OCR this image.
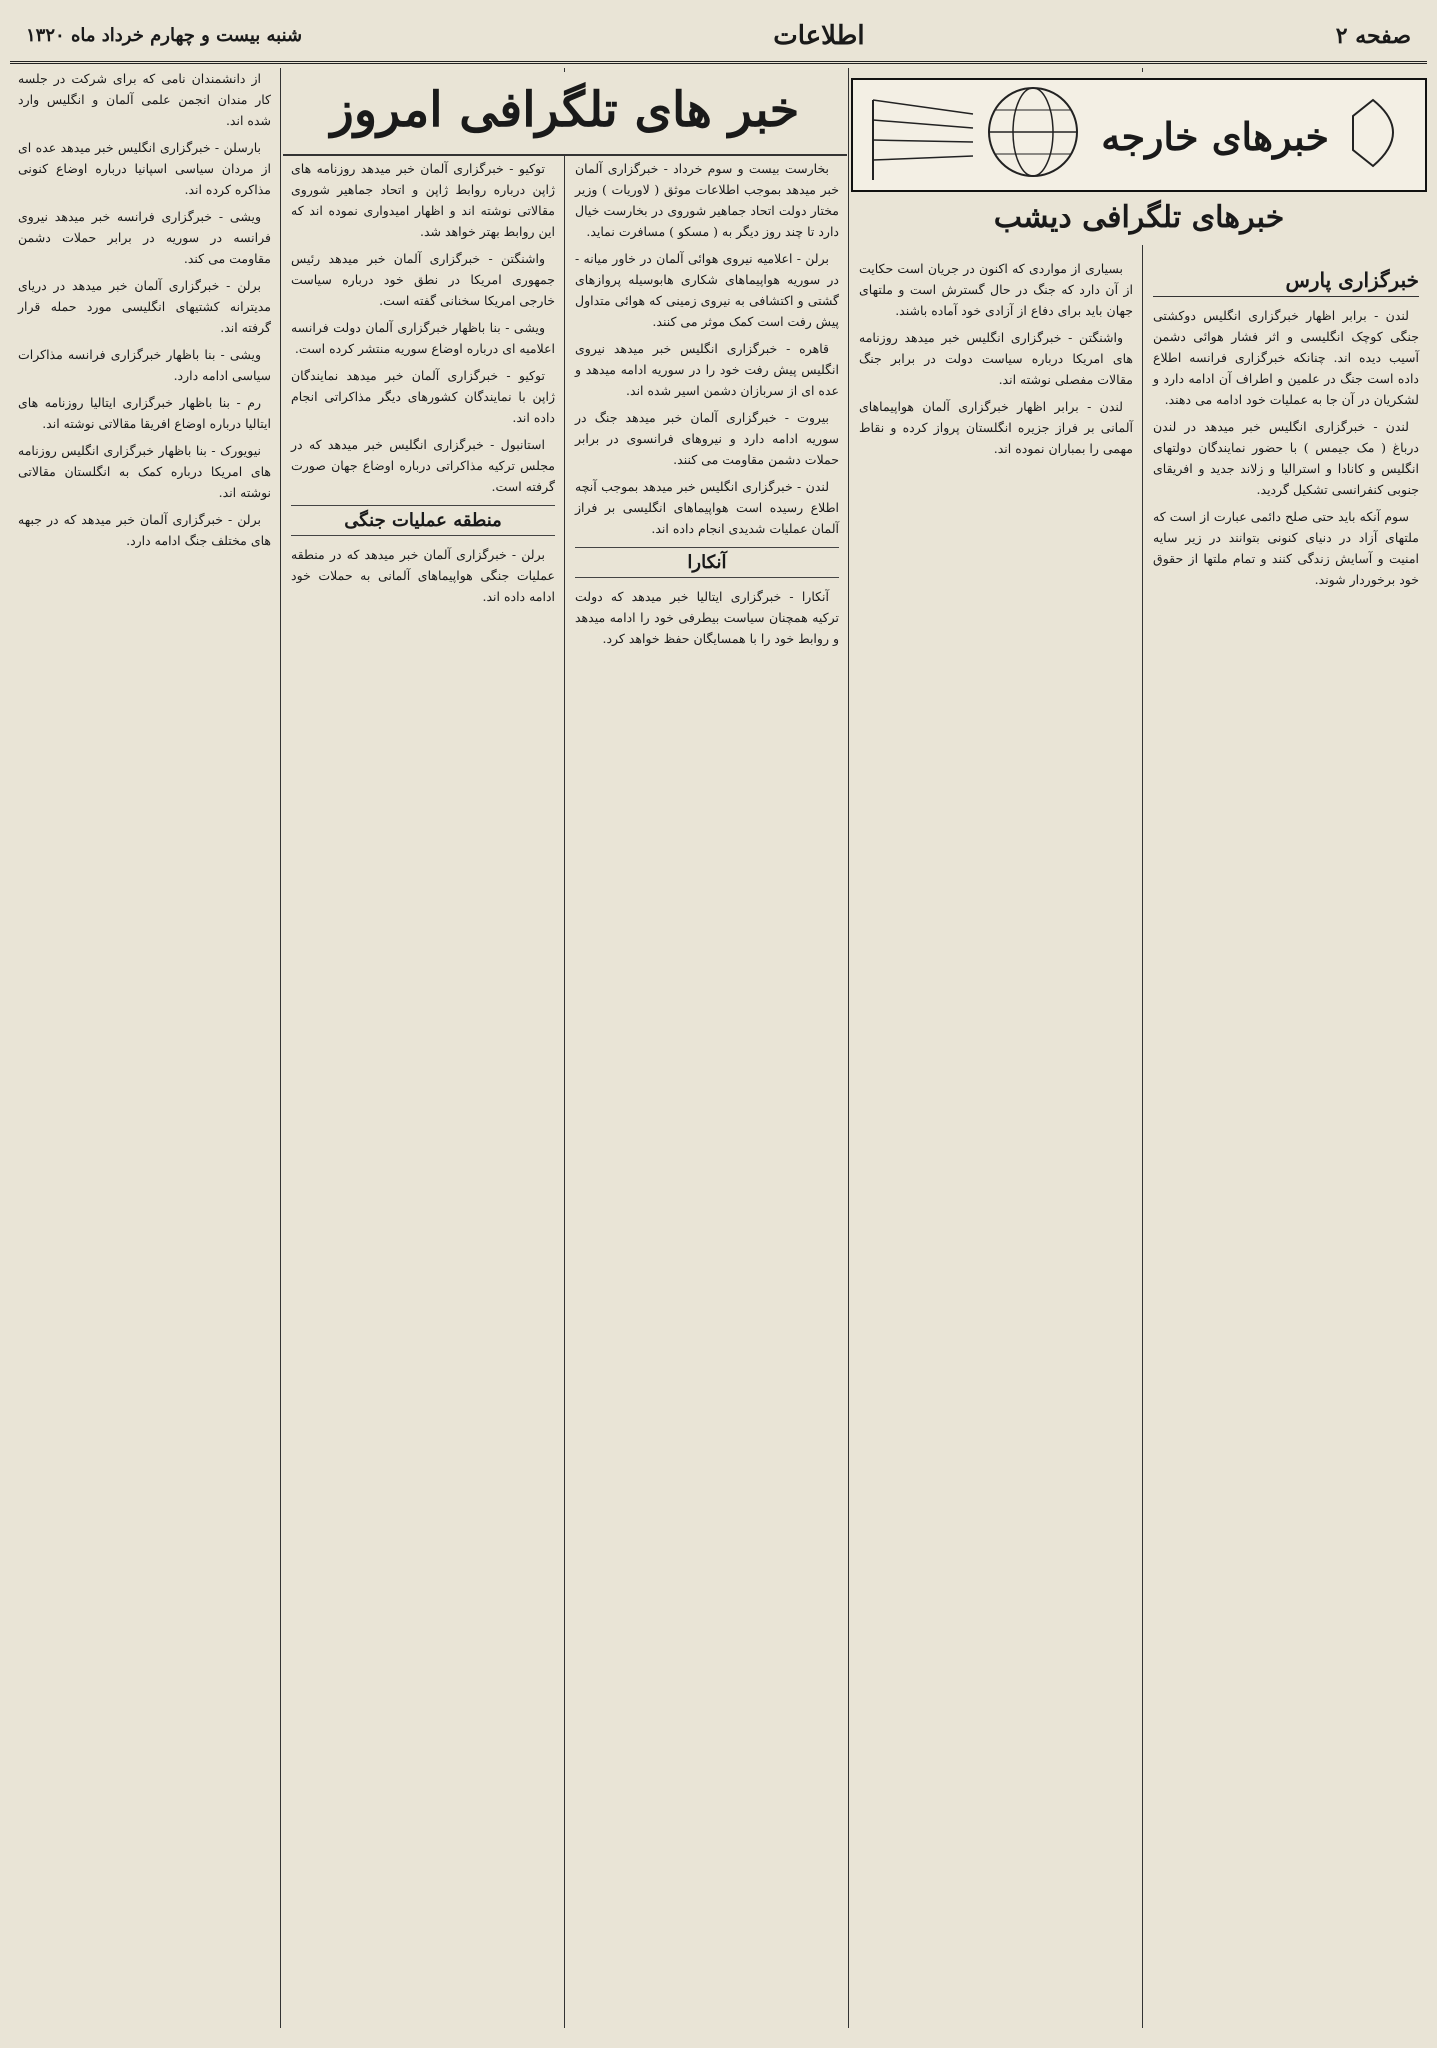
صفحه ۲
اطلاعات
شنبه بیست و چهارم خرداد ماه ۱۳۲۰
خبرگزاری پارس

لندن - برابر اظهار خبرگزاری انگلیس دوکشتی جنگی کوچک انگلیسی و اثر فشار هوائی دشمن آسیب دیده اند. چنانکه خبرگزاری فرانسه اطلاع داده است جنگ در علمین و اطراف آن ادامه دارد و لشکریان در آن جا به عملیات خود ادامه می دهند.

لندن - خبرگزاری انگلیس خبر میدهد در لندن درباغ ( مک جیمس ) با حضور نمایندگان دولتهای انگلیس و کانادا و استرالیا و زلاند جدید و افریقای جنوبی کنفرانسی تشکیل گردید.

سوم آنکه باید حتی صلح دائمی عبارت از است که ملتهای آزاد در دنیای کنونی بتوانند در زیر سایه امنیت و آسایش زندگی کنند و تمام ملتها از حقوق خود برخوردار شوند.

بسیاری از مواردی که اکنون در جریان است حکایت از آن دارد که جنگ در حال گسترش است و ملتهای جهان باید برای دفاع از آزادی خود آماده باشند.

واشنگتن - خبرگزاری انگلیس خبر میدهد روزنامه های امریکا درباره سیاست دولت در برابر جنگ مقالات مفصلی نوشته اند.

لندن - برابر اظهار خبرگزاری آلمان هواپیماهای آلمانی بر فراز جزیره انگلستان پرواز کرده و نقاط مهمی را بمباران نموده اند.

بخارست بیست و سوم خرداد - خبرگزاری آلمان خبر میدهد بموجب اطلاعات موثق ( لاوریات ) وزیر مختار دولت اتحاد جماهیر شوروی در بخارست خیال دارد تا چند روز دیگر به ( مسکو ) مسافرت نماید.

برلن - اعلامیه نیروی هوائی آلمان در خاور میانه - در سوریه هواپیماهای شکاری هابوسیله پروازهای گشتی و اکتشافی به نیروی زمینی که هوائی متداول پیش رفت است کمک موثر می کنند.

قاهره - خبرگزاری انگلیس خبر میدهد نیروی انگلیس پیش رفت خود را در سوریه ادامه میدهد و عده ای از سربازان دشمن اسیر شده اند.

بیروت - خبرگزاری آلمان خبر میدهد جنگ در سوریه ادامه دارد و نیروهای فرانسوی در برابر حملات دشمن مقاومت می کنند.

لندن - خبرگزاری انگلیس خبر میدهد بموجب آنچه اطلاع رسیده است هواپیماهای انگلیسی بر فراز آلمان عملیات شدیدی انجام داده اند.

آنکارا

آنکارا - خبرگزاری ایتالیا خبر میدهد که دولت ترکیه همچنان سیاست بیطرفی خود را ادامه میدهد و روابط خود را با همسایگان حفظ خواهد کرد.

توکیو - خبرگزاری آلمان خبر میدهد روزنامه های ژاپن درباره روابط ژاپن و اتحاد جماهیر شوروی مقالاتی نوشته اند و اظهار امیدواری نموده اند که این روابط بهتر خواهد شد.

واشنگتن - خبرگزاری آلمان خبر میدهد رئیس جمهوری امریکا در نطق خود درباره سیاست خارجی امریکا سخنانی گفته است.

ویشی - بنا باظهار خبرگزاری آلمان دولت فرانسه اعلامیه ای درباره اوضاع سوریه منتشر کرده است.

توکیو - خبرگزاری آلمان خبر میدهد نمایندگان ژاپن با نمایندگان کشورهای دیگر مذاکراتی انجام داده اند.

استانبول - خبرگزاری انگلیس خبر میدهد که در مجلس ترکیه مذاکراتی درباره اوضاع جهان صورت گرفته است.

منطقه عملیات جنگی

برلن - خبرگزاری آلمان خبر میدهد که در منطقه عملیات جنگی هواپیماهای آلمانی به حملات خود ادامه داده اند.

از دانشمندان نامی که برای شرکت در جلسه کار مندان انجمن علمی آلمان و انگلیس وارد شده اند.

بارسلن - خبرگزاری انگلیس خبر میدهد عده ای از مردان سیاسی اسپانیا درباره اوضاع کنونی مذاکره کرده اند.

ویشی - خبرگزاری فرانسه خبر میدهد نیروی فرانسه در سوریه در برابر حملات دشمن مقاومت می کند.

برلن - خبرگزاری آلمان خبر میدهد در دریای مدیترانه کشتیهای انگلیسی مورد حمله قرار گرفته اند.

ویشی - بنا باظهار خبرگزاری فرانسه مذاکرات سیاسی ادامه دارد.

رم - بنا باظهار خبرگزاری ایتالیا روزنامه های ایتالیا درباره اوضاع افریقا مقالاتی نوشته اند.

نیویورک - بنا باظهار خبرگزاری انگلیس روزنامه های امریکا درباره کمک به انگلستان مقالاتی نوشته اند.

برلن - خبرگزاری آلمان خبر میدهد که در جبهه های مختلف جنگ ادامه دارد.

خبرهای خارجه
خبرهای تلگرافی دیشب
خبر های تلگرافی امروز
